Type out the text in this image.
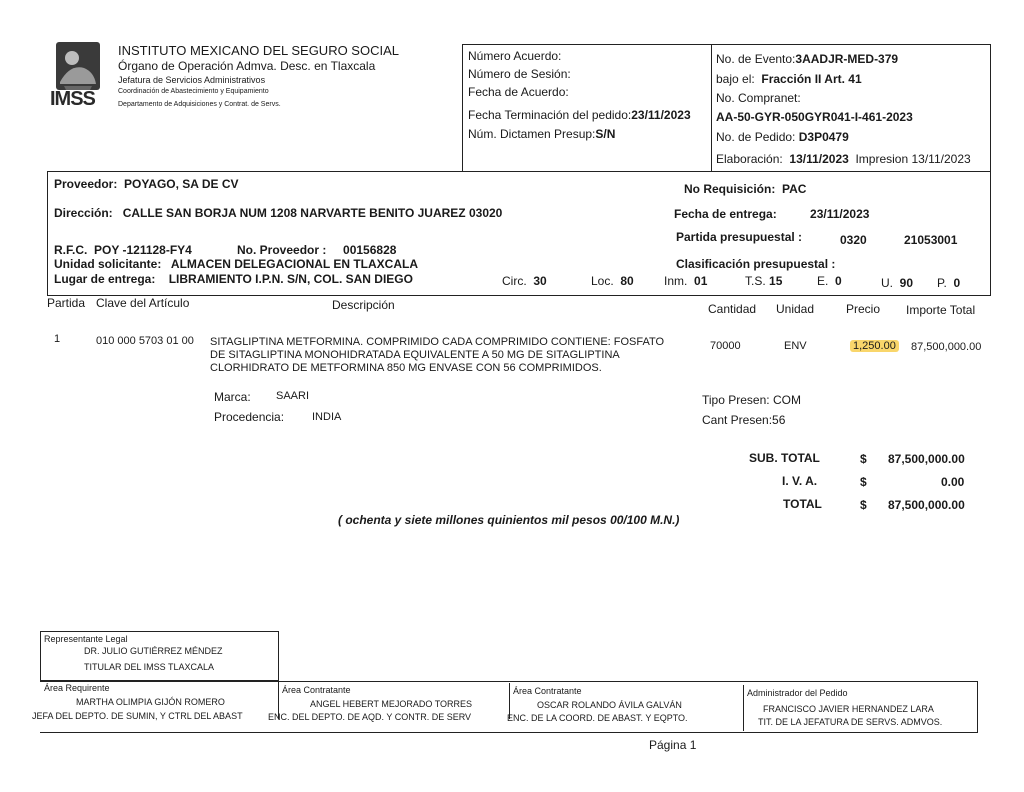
IMSS
INSTITUTO MEXICANO DEL SEGURO SOCIAL
Órgano de Operación Admva. Desc. en Tlaxcala
Jefatura de Servicios Administrativos
Coordinación de Abastecimiento y Equipamiento
Departamento de Adquisiciones y Contrat. de Servs.
Número Acuerdo:
Número de Sesión:
Fecha de Acuerdo:
Fecha Terminación del pedido:23/11/2023
Núm. Dictamen Presup:S/N
No. de Evento:3AADJR-MED-379
bajo el: Fracción II Art. 41
No. Compranet:
AA-50-GYR-050GYR041-I-461-2023
No. de Pedido: D3P0479
Elaboración: 13/11/2023 Impresion 13/11/2023
Proveedor: POYAGO, SA DE CV
Dirección: CALLE SAN BORJA NUM 1208 NARVARTE BENITO JUAREZ 03020
R.F.C. POY -121128-FY4	No. Proveedor : 00156828
Unidad solicitante: ALMACEN DELEGACIONAL EN TLAXCALA
Lugar de entrega: LIBRAMIENTO I.P.N. S/N, COL. SAN DIEGO
No Requisición: PAC
Fecha de entrega:	23/11/2023
Partida presupuestal :	0320	21053001
Clasificación presupuestal :
Circ. 30	Loc. 80	Inm. 01	T.S. 15	E. 0	U. 90 P. 0
Partida Clave del Artículo	Descripción	Cantidad Unidad	Precio Importe Total
1	010 000 5703 01 00 SITAGLIPTINA METFORMINA. COMPRIMIDO CADA COMPRIMIDO CONTIENE: FOSFATO
DE SITAGLIPTINA MONOHIDRATADA EQUIVALENTE A 50 MG DE SITAGLIPTINA
CLORHIDRATO DE METFORMINA 850 MG ENVASE CON 56 COMPRIMIDOS.
70000	ENV	1,250.00 87,500,000.00
Marca: SAARI
Procedencia:	INDIA
Tipo Presen: COM
Cant Presen:56
SUB. TOTAL	$ 87,500,000.00
I. V. A.	$	0.00
TOTAL	$ 87,500,000.00
( ochenta y siete millones quinientos mil pesos 00/100 M.N.)
Representante Legal
DR. JULIO GUTIÉRREZ MÉNDEZ
TITULAR DEL IMSS TLAXCALA
Área Requirente
MARTHA OLIMPIA GIJÓN ROMERO
JEFA DEL DEPTO. DE SUMIN, Y CTRL DEL ABAST
Área Contratante
ANGEL HEBERT MEJORADO TORRES
ENC. DEL DEPTO. DE AQD. Y CONTR. DE SERV
Área Contratante
OSCAR ROLANDO ÁVILA GALVÁN
ENC. DE LA COORD. DE ABAST. Y EQPTO.
Administrador del Pedido
FRANCISCO JAVIER HERNANDEZ LARA
TIT. DE LA JEFATURA DE SERVS. ADMVOS.
Página 1
